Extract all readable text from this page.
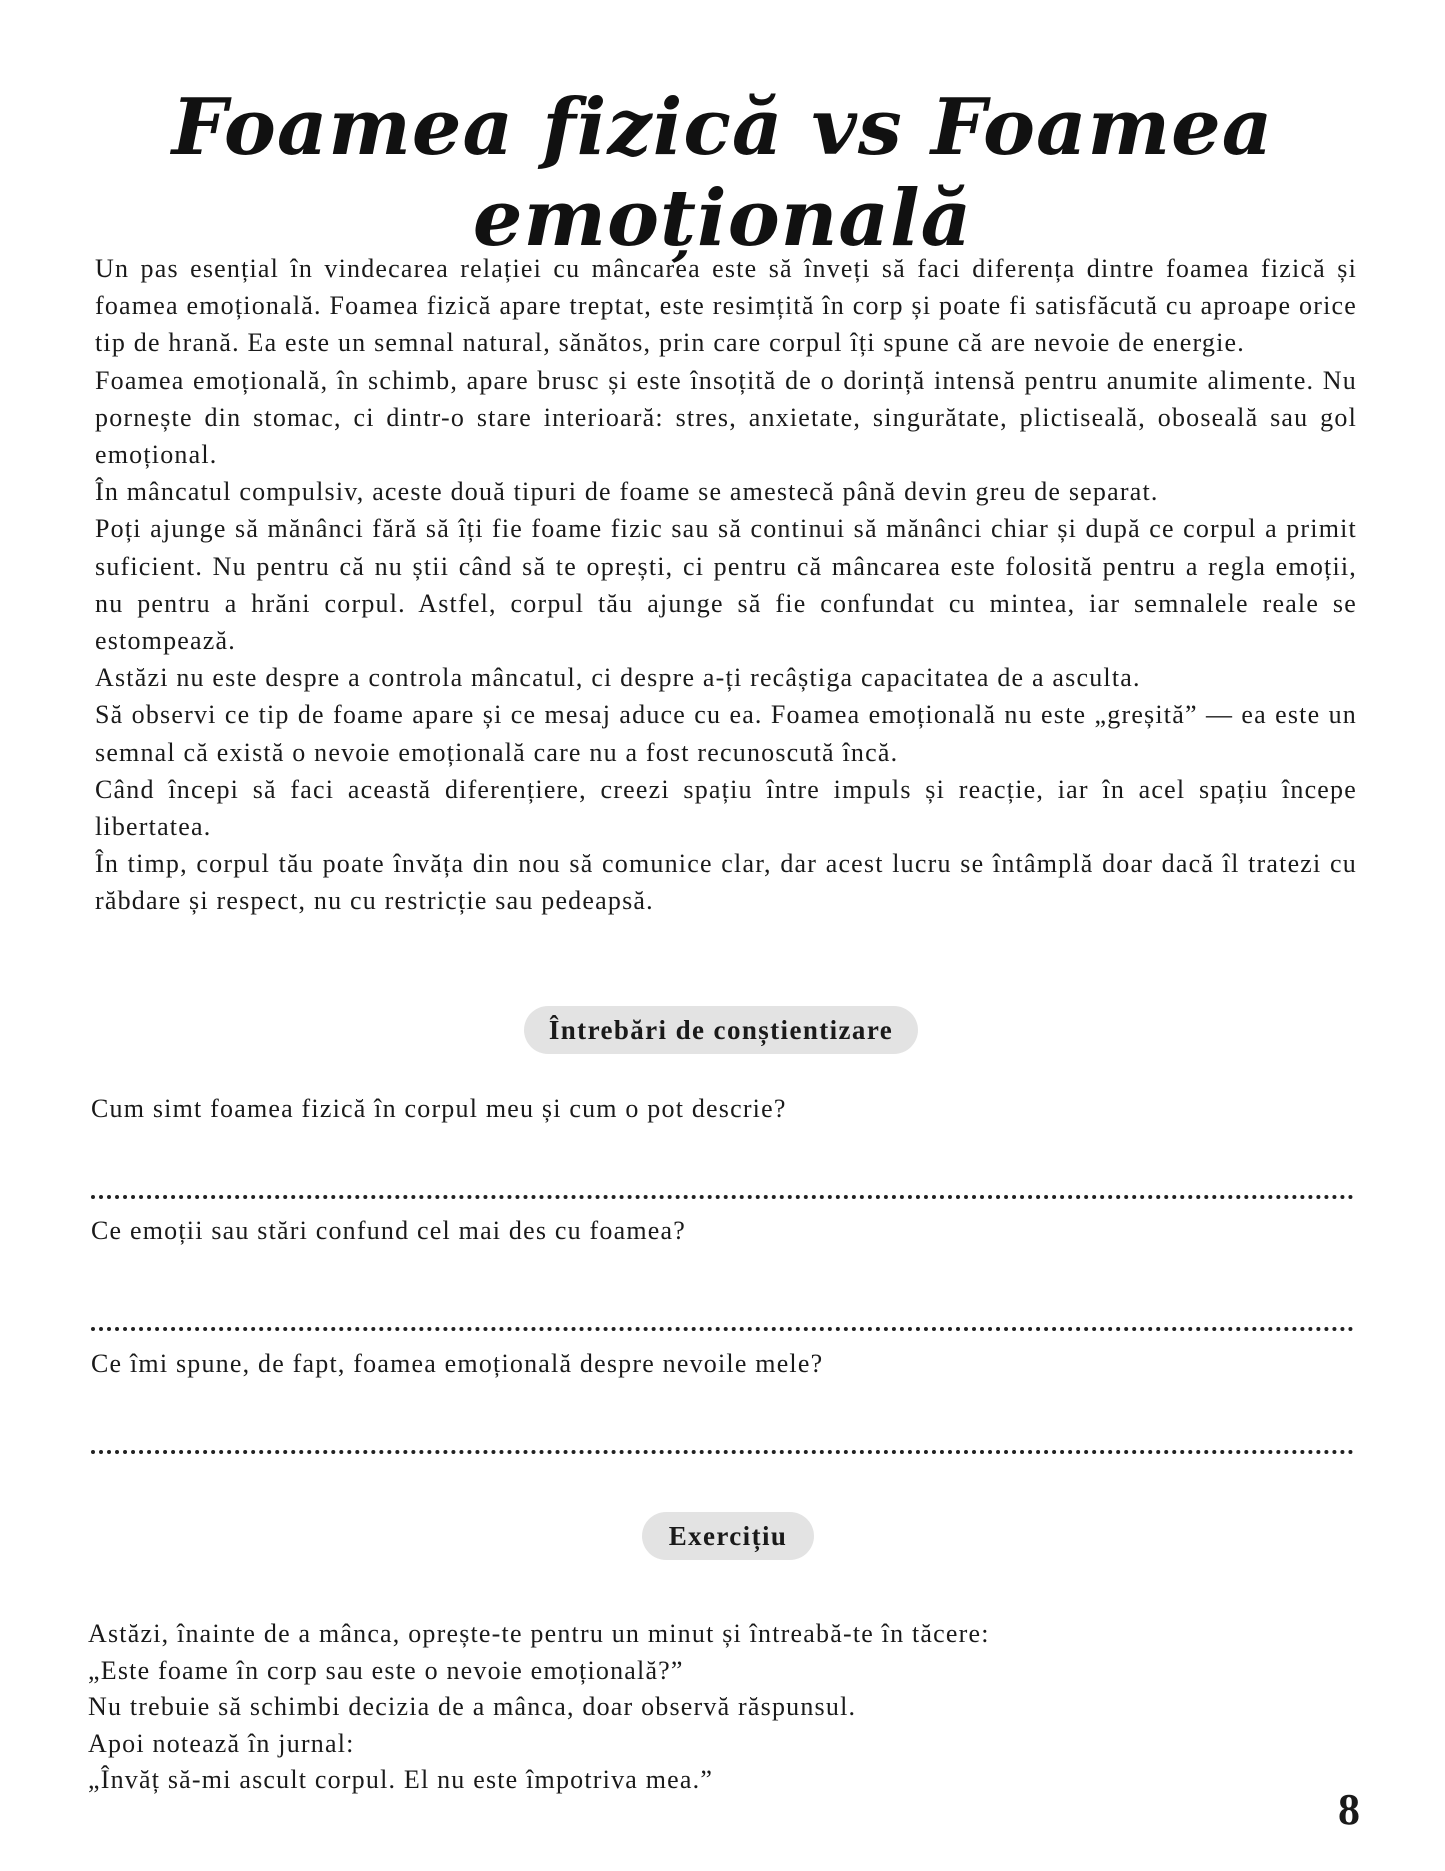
Foamea fizică vs Foamea emoțională

Un pas esențial în vindecarea relației cu mâncarea este să înveți să faci diferența dintre foamea fizică și foamea emoțională. Foamea fizică apare treptat, este resimțită în corp și poate fi satisfăcută cu aproape orice tip de hrană. Ea este un semnal natural, sănătos, prin care corpul îți spune că are nevoie de energie.

Foamea emoțională, în schimb, apare brusc și este însoțită de o dorință intensă pentru anumite alimente. Nu pornește din stomac, ci dintr-o stare interioară: stres, anxietate, singurătate, plictiseală, oboseală sau gol emoțional.

În mâncatul compulsiv, aceste două tipuri de foame se amestecă până devin greu de separat.

Poți ajunge să mănânci fără să îți fie foame fizic sau să continui să mănânci chiar și după ce corpul a primit suficient. Nu pentru că nu știi când să te oprești, ci pentru că mâncarea este folosită pentru a regla emoții, nu pentru a hrăni corpul. Astfel, corpul tău ajunge să fie confundat cu mintea, iar semnalele reale se estompează.

Astăzi nu este despre a controla mâncatul, ci despre a-ți recâștiga capacitatea de a asculta.

Să observi ce tip de foame apare și ce mesaj aduce cu ea. Foamea emoțională nu este „greșită” — ea este un semnal că există o nevoie emoțională care nu a fost recunoscută încă.

Când începi să faci această diferențiere, creezi spațiu între impuls și reacție, iar în acel spațiu începe libertatea.

În timp, corpul tău poate învăța din nou să comunice clar, dar acest lucru se întâmplă doar dacă îl tratezi cu răbdare și respect, nu cu restricție sau pedeapsă.

Întrebări de conștientizare

Cum simt foamea fizică în corpul meu și cum o pot descrie?

Ce emoții sau stări confund cel mai des cu foamea?

Ce îmi spune, de fapt, foamea emoțională despre nevoile mele?

Exercițiu

Astăzi, înainte de a mânca, oprește-te pentru un minut și întreabă-te în tăcere:

„Este foame în corp sau este o nevoie emoțională?”

Nu trebuie să schimbi decizia de a mânca, doar observă răspunsul.

Apoi notează în jurnal:

„Învăț să-mi ascult corpul. El nu este împotriva mea.”

8
